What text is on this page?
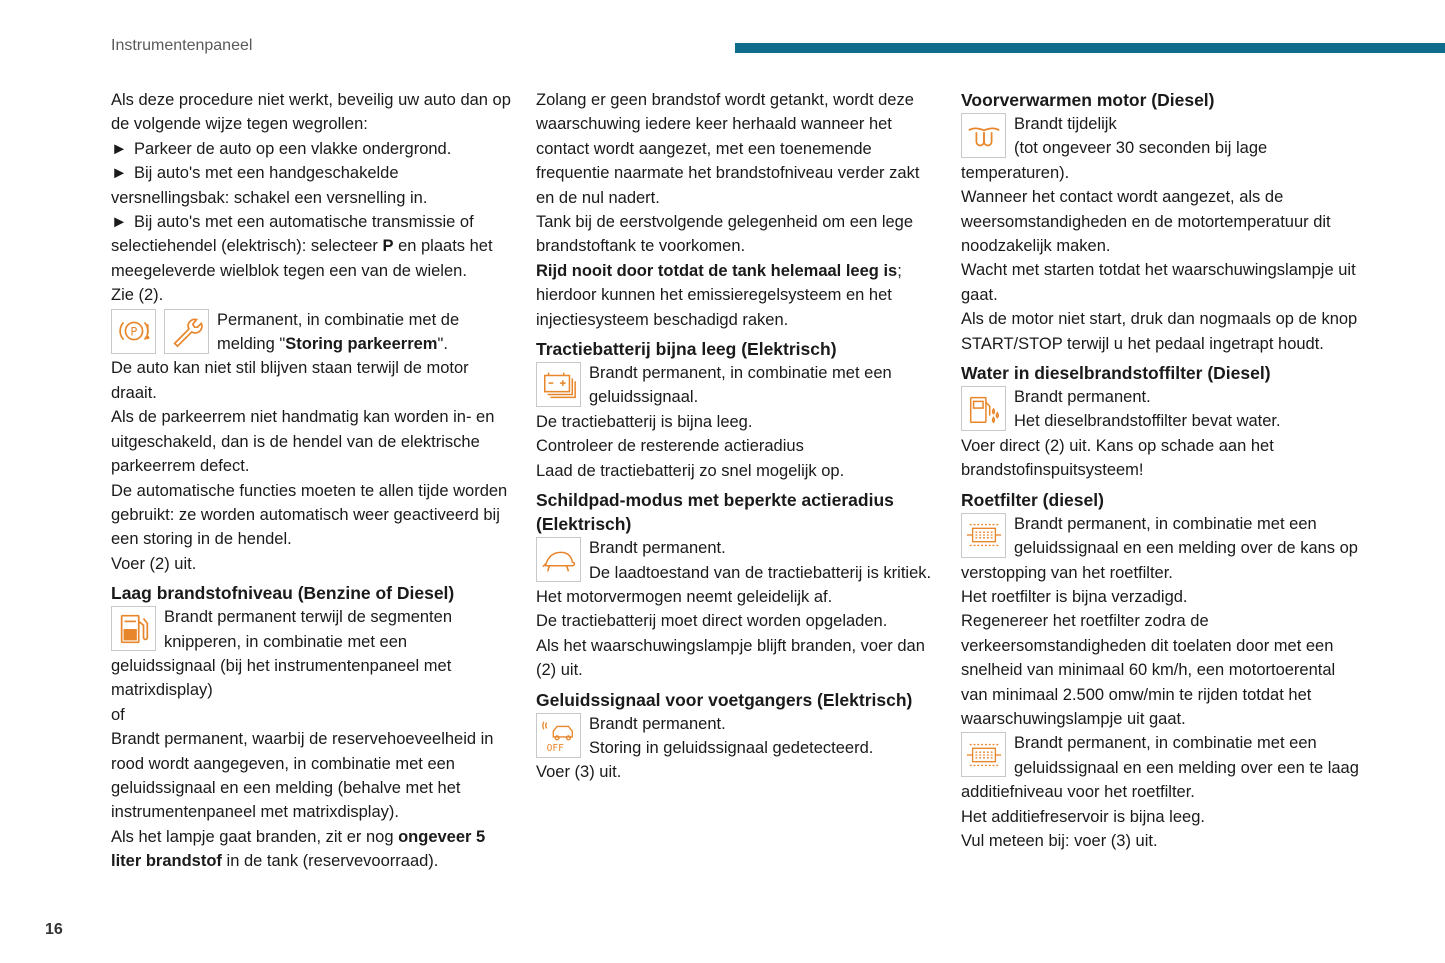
Instrumentenpaneel
16

Als deze procedure niet werkt, beveilig uw auto dan op de volgende wijze tegen wegrollen:

► Parkeer de auto op een vlakke ondergrond.

► Bij auto's met een handgeschakelde versnellingsbak: schakel een versnelling in.

► Bij auto's met een automatische transmissie of selectiehendel (elektrisch): selecteer P en plaats het meegeleverde wielblok tegen een van de wielen.

Zie (2).

P

Permanent, in combinatie met de melding "Storing parkeerrem".

De auto kan niet stil blijven staan terwijl de motor draait.

Als de parkeerrem niet handmatig kan worden in- en uitgeschakeld, dan is de hendel van de elektrische parkeerrem defect.

De automatische functies moeten te allen tijde worden gebruikt: ze worden automatisch weer geactiveerd bij een storing in de hendel.

Voer (2) uit.

Laag brandstofniveau (Benzine of Diesel)

Brandt permanent terwijl de segmenten knipperen, in combinatie met een geluidssignaal (bij het instrumentenpaneel met matrixdisplay)

of

Brandt permanent, waarbij de reservehoeveelheid in rood wordt aangegeven, in combinatie met een geluidssignaal en een melding (behalve met het instrumentenpaneel met matrixdisplay).

Als het lampje gaat branden, zit er nog ongeveer 5 liter brandstof in de tank (reservevoorraad).

Zolang er geen brandstof wordt getankt, wordt deze waarschuwing iedere keer herhaald wanneer het contact wordt aangezet, met een toenemende frequentie naarmate het brandstofniveau verder zakt en de nul nadert.

Tank bij de eerstvolgende gelegenheid om een lege brandstoftank te voorkomen.

Rijd nooit door totdat de tank helemaal leeg is; hierdoor kunnen het emissieregelsysteem en het injectiesysteem beschadigd raken.

Tractiebatterij bijna leeg (Elektrisch)

Brandt permanent, in combinatie met een geluidssignaal.

De tractiebatterij is bijna leeg.

Controleer de resterende actieradius

Laad de tractiebatterij zo snel mogelijk op.

Schildpad-modus met beperkte actieradius (Elektrisch)

Brandt permanent.

De laadtoestand van de tractiebatterij is kritiek.

Het motorvermogen neemt geleidelijk af.

De tractiebatterij moet direct worden opgeladen.

Als het waarschuwingslampje blijft branden, voer dan (2) uit.

Geluidssignaal voor voetgangers (Elektrisch)
OFF

Brandt permanent.

Storing in geluidssignaal gedetecteerd.

Voer (3) uit.

Voorverwarmen motor (Diesel)

Brandt tijdelijk

(tot ongeveer 30 seconden bij lage temperaturen).

Wanneer het contact wordt aangezet, als de weersomstandigheden en de motortemperatuur dit noodzakelijk maken.

Wacht met starten totdat het waarschuwingslampje uit gaat.

Als de motor niet start, druk dan nogmaals op de knop START/STOP terwijl u het pedaal ingetrapt houdt.

Water in dieselbrandstoffilter (Diesel)

Brandt permanent.

Het dieselbrandstoffilter bevat water.

Voer direct (2) uit. Kans op schade aan het brandstofinspuitsysteem!

Roetfilter (diesel)

Brandt permanent, in combinatie met een geluidssignaal en een melding over de kans op verstopping van het roetfilter.

Het roetfilter is bijna verzadigd.

Regenereer het roetfilter zodra de verkeersomstandigheden dit toelaten door met een snelheid van minimaal 60 km/h, een motortoerental van minimaal 2.500 omw/min te rijden totdat het waarschuwingslampje uit gaat.

Brandt permanent, in combinatie met een geluidssignaal en een melding over een te laag additiefniveau voor het roetfilter.

Het additiefreservoir is bijna leeg.

Vul meteen bij: voer (3) uit.
